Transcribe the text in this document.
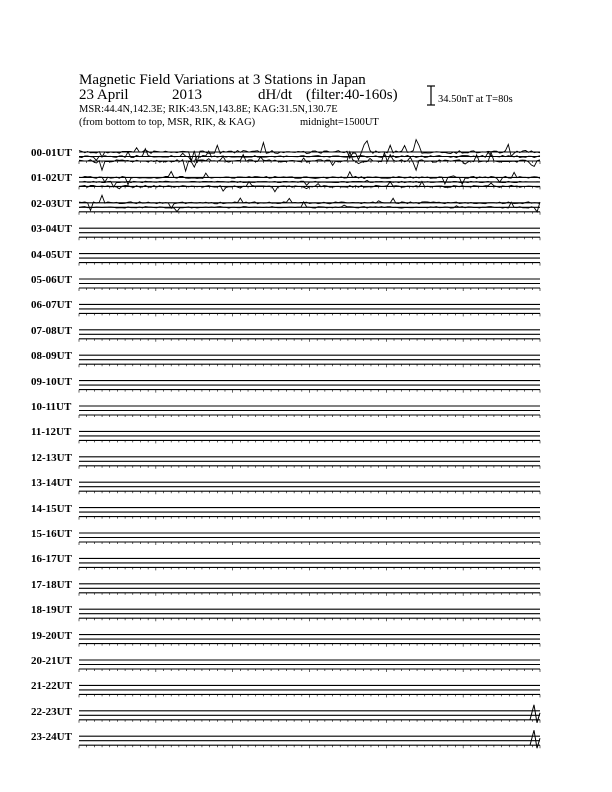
Magnetic Field Variations at 3 Stations in Japan
23 April	2013	dH/dt (filter:40-160s)
MSR:44.4N,142.3E; RIK:43.5N,143.8E; KAG:31.5N,130.7E
(from bottom to top, MSR, RIK, & KAG)	midnight=1500UT
34.50nT at T=80s
00-01UT
01-02UT
02-03UT
03-04UT
04-05UT
05-06UT
06-07UT
07-08UT
08-09UT
09-10UT
10-11UT
11-12UT
12-13UT
13-14UT
14-15UT
15-16UT
16-17UT
17-18UT
18-19UT
19-20UT
20-21UT
21-22UT
22-23UT
23-24UT
